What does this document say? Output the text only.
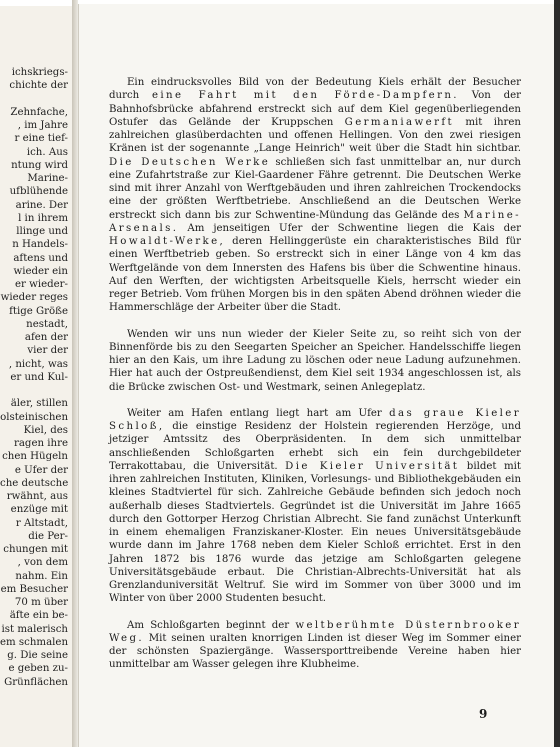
ichskriegs-
chichte der
Zehnfache,
, im Jahre
r eine tief-
ich. Aus
ntung wird
Marine-
ufblühende
arine. Der
l in ihrem
llinge und
n Handels-
aftens und
wieder ein
er wieder-
wieder reges
ftige Größe
nestadt,
afen der
vier der
, nicht, was
er und Kul-
äler, stillen
olsteinischen
Kiel, des
ragen ihre
chen Hügeln
e Ufer der
che deutsche
rwähnt, aus
enzüge mit
r Altstadt,
die Per-
chungen mit
, von dem
nahm. Ein
em Besucher
70 m über
äfte ein be-
ist malerisch
em schmalen
g. Die seine
e geben zu-
Grünflächen

Ein eindrucksvolles Bild von der Bedeutung Kiels erhält der Besucher durch eine Fahrt mit den Förde-Dampfern. Von der Bahnhofsbrücke abfahrend erstreckt sich auf dem Kiel gegenüberliegenden Ostufer das Gelände der Kruppschen Germaniawerft mit ihren zahlreichen glasüberdachten und offenen Hellingen. Von den zwei riesigen Kränen ist der sogenannte „Lange Heinrich" weit über die Stadt hin sichtbar. Die Deutschen Werke schließen sich fast unmittelbar an, nur durch eine Zufahrtstraße zur Kiel-Gaardener Fähre getrennt. Die Deutschen Werke sind mit ihrer Anzahl von Werftgebäuden und ihren zahlreichen Trockendocks eine der größten Werftbetriebe. Anschließend an die Deutschen Werke erstreckt sich dann bis zur Schwentine-Mündung das Gelände des Marine-Arsenals. Am jenseitigen Ufer der Schwentine liegen die Kais der Howaldt-Werke, deren Hellinggerüste ein charakteristisches Bild für einen Werftbetrieb geben. So erstreckt sich in einer Länge von 4 km das Werftgelände von dem Innersten des Hafens bis über die Schwentine hinaus. Auf den Werften, der wichtigsten Arbeitsquelle Kiels, herrscht wieder ein reger Betrieb. Vom frühen Morgen bis in den späten Abend dröhnen wieder die Hammerschläge der Arbeiter über die Stadt.

Wenden wir uns nun wieder der Kieler Seite zu, so reiht sich von der Binnenförde bis zu den Seegarten Speicher an Speicher. Handelsschiffe liegen hier an den Kais, um ihre Ladung zu löschen oder neue Ladung aufzunehmen. Hier hat auch der Ostpreußendienst, dem Kiel seit 1934 angeschlossen ist, als die Brücke zwischen Ost- und Westmark, seinen Anlegeplatz.

Weiter am Hafen entlang liegt hart am Ufer das graue Kieler Schloß, die einstige Residenz der Holstein regierenden Herzöge, und jetziger Amtssitz des Oberpräsidenten. In dem sich unmittelbar anschließenden Schloßgarten erhebt sich ein fein durchgebildeter Terrakottabau, die Universität. Die Kieler Universität bildet mit ihren zahlreichen Instituten, Kliniken, Vorlesungs- und Bibliothekgebäuden ein kleines Stadtviertel für sich. Zahlreiche Gebäude befinden sich jedoch noch außerhalb dieses Stadtviertels. Gegründet ist die Universität im Jahre 1665 durch den Gottorper Herzog Christian Albrecht. Sie fand zunächst Unterkunft in einem ehemaligen Franziskaner-Kloster. Ein neues Universitätsgebäude wurde dann im Jahre 1768 neben dem Kieler Schloß errichtet. Erst in den Jahren 1872 bis 1876 wurde das jetzige am Schloßgarten gelegene Universitätsgebäude erbaut. Die Christian-Albrechts-Universität hat als Grenzlanduniversität Weltruf. Sie wird im Sommer von über 3000 und im Winter von über 2000 Studenten besucht.

Am Schloßgarten beginnt der weltberühmte Düsternbrooker Weg. Mit seinen uralten knorrigen Linden ist dieser Weg im Sommer einer der schönsten Spaziergänge. Wassersporttreibende Vereine haben hier unmittelbar am Wasser gelegen ihre Klubheime.

9
